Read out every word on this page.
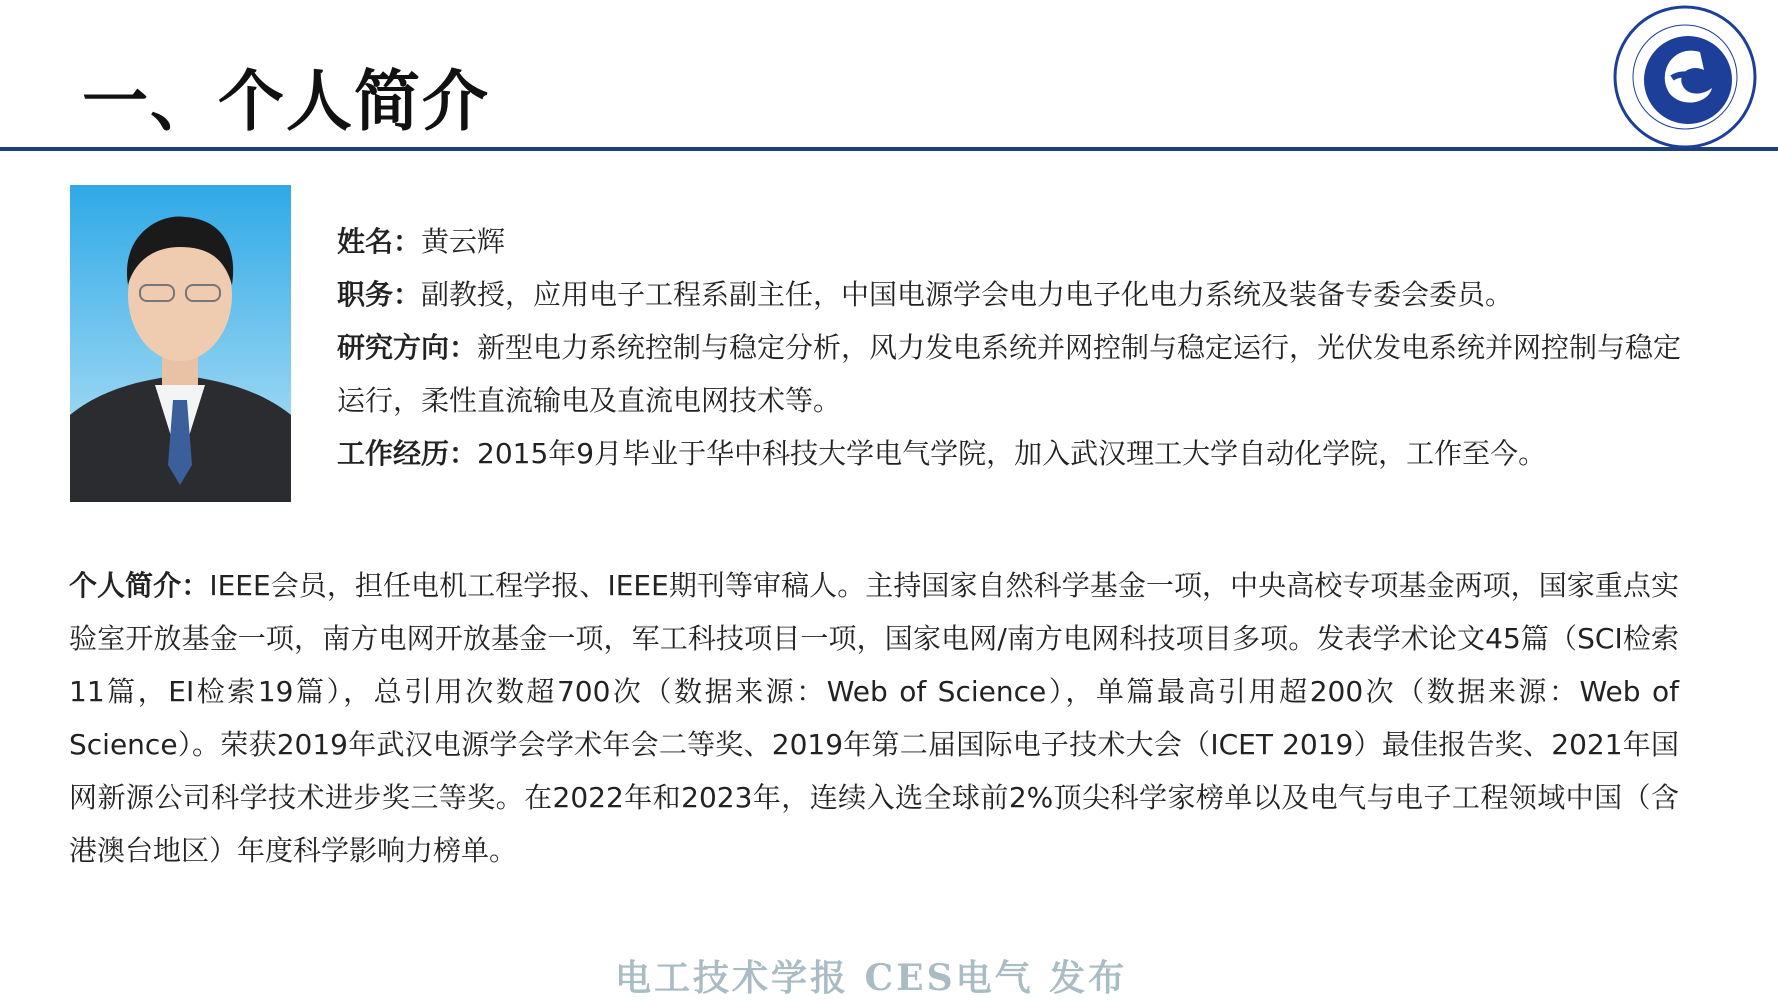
一、个人简介

姓名：黄云辉

职务：副教授，应用电子工程系副主任，中国电源学会电力电子化电力系统及装备专委会委员。

研究方向：新型电力系统控制与稳定分析，风力发电系统并网控制与稳定运行，光伏发电系统并网控制与稳定运行，柔性直流输电及直流电网技术等。

工作经历：2015年9月毕业于华中科技大学电气学院，加入武汉理工大学自动化学院，工作至今。

个人简介：IEEE会员，担任电机工程学报、IEEE期刊等审稿人。主持国家自然科学基金一项，中央高校专项基金两项，国家重点实验室开放基金一项，南方电网开放基金一项，军工科技项目一项，国家电网/南方电网科技项目多项。发表学术论文45篇（SCI检索11篇，EI检索19篇），总引用次数超700次（数据来源：Web of Science），单篇最高引用超200次（数据来源：Web of Science）。荣获2019年武汉电源学会学术年会二等奖、2019年第二届国际电子技术大会（ICET 2019）最佳报告奖、2021年国网新源公司科学技术进步奖三等奖。在2022年和2023年，连续入选全球前2%顶尖科学家榜单以及电气与电子工程领域中国（含港澳台地区）年度科学影响力榜单。
电工技术学报 CES电气 发布
